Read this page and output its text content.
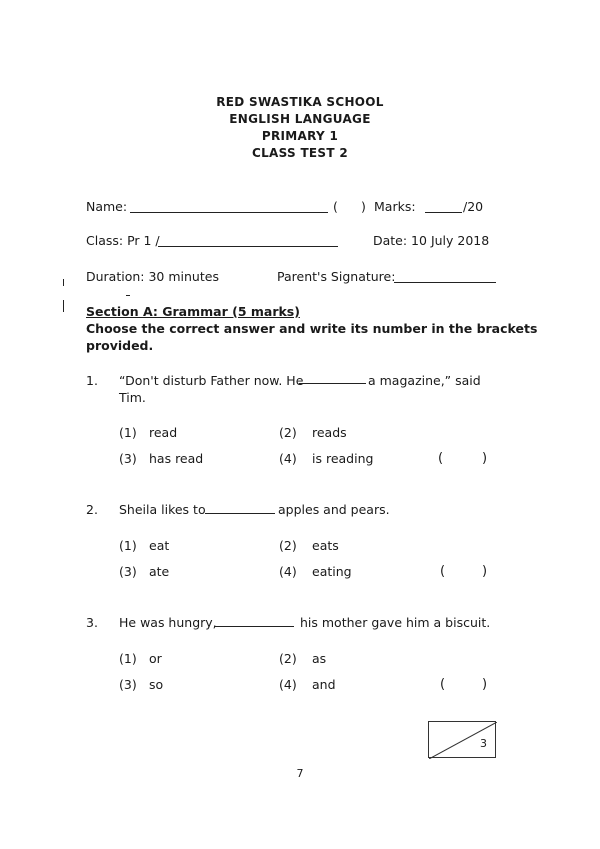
RED SWASTIKA SCHOOL
ENGLISH LANGUAGE
PRIMARY 1
CLASS TEST 2
Name:	( ) Marks:	/20
Class: Pr 1 /	Date: 10 July 2018
Duration: 30 minutes	Parent's Signature:
Section A: Grammar (5 marks)
Choose the correct answer and write its number in the brackets
provided.
1. “Don't disturb Father now. He	a magazine,” said
Tim.
(1) read	(2) reads
(3) has read	(4) is reading	(	)
2. Sheila likes to	apples and pears.
(1) eat	(2) eats
(3) ate	(4) eating	(	)
3. He was hungry,	his mother gave him a biscuit.
(1) or	(2) as
(3) so	(4) and	(	)
3
7
